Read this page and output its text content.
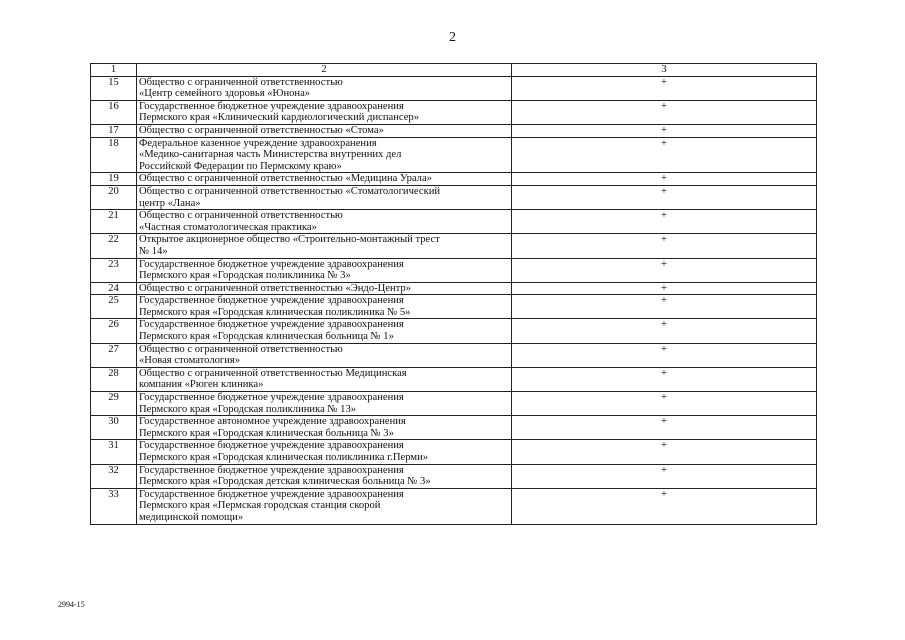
2
1	2	3
15	Общество с ограниченной ответственностью
«Центр семейного здоровья «Юнона»	+
16	Государственное бюджетное учреждение здравоохранения
Пермского края «Клинический кардиологический диспансер»	+
17	Общество с ограниченной ответственностью «Стома»	+
18	Федеральное казенное учреждение здравоохранения
«Медико-санитарная часть Министерства внутренних дел
Российской Федерации по Пермскому краю»	+
19	Общество с ограниченной ответственностью «Медицина Урала»	+
20	Общество с ограниченной ответственностью «Стоматологический
центр «Лана»	+
21	Общество с ограниченной ответственностью
«Частная стоматологическая практика»	+
22	Открытое акционерное общество «Строительно-монтажный трест
№ 14»	+
23	Государственное бюджетное учреждение здравоохранения
Пермского края «Городская поликлиника № 3»	+
24	Общество с ограниченной ответственностью «Эндо-Центр»	+
25	Государственное бюджетное учреждение здравоохранения
Пермского края «Городская клиническая поликлиника № 5»	+
26	Государственное бюджетное учреждение здравоохранения
Пермского края «Городская клиническая больница № 1»	+
27	Общество с ограниченной ответственностью
«Новая стоматология»	+
28	Общество с ограниченной ответственностью Медицинская
компания «Рюген клиника»	+
29	Государственное бюджетное учреждение здравоохранения
Пермского края «Городская поликлиника № 13»	+
30	Государственное автономное учреждение здравоохранения
Пермского края «Городская клиническая больница № 3»	+
31	Государственное бюджетное учреждение здравоохранения
Пермского края «Городская клиническая поликлиника г.Перми»	+
32	Государственное бюджетное учреждение здравоохранения
Пермского края «Городская детская клиническая больница № 3»	+
33	Государственное бюджетное учреждение здравоохранения
Пермского края «Пермская городская станция скорой
медицинской помощи»	+
2994-15
